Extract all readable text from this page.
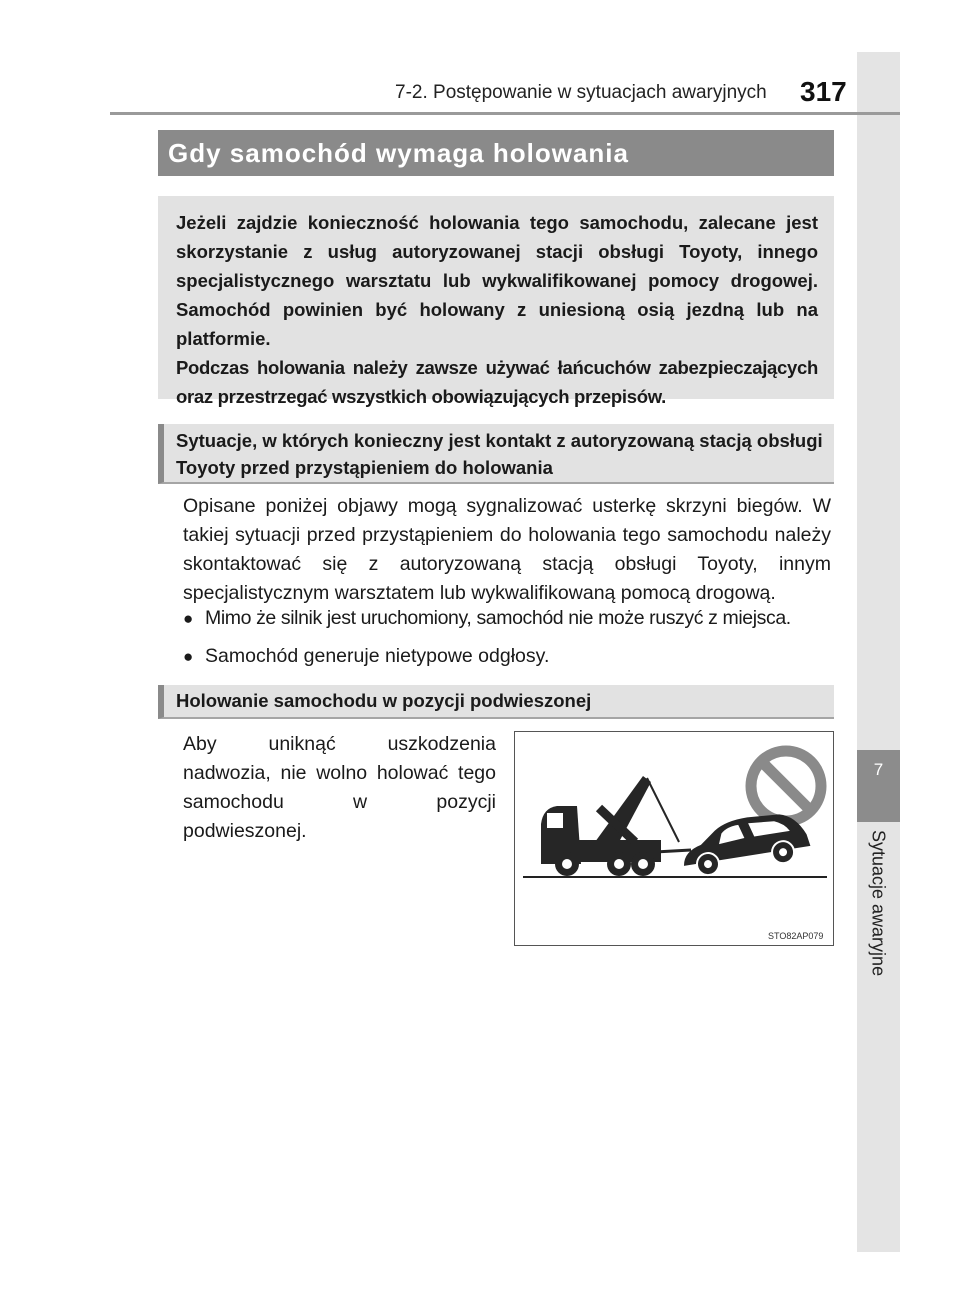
7
Sytuacje awaryjne
7-2. Postępowanie w sytuacjach awaryjnych 317
Gdy samochód wymaga holowania

Jeżeli zajdzie konieczność holowania tego samochodu, zalecane jest skorzystanie z usług autoryzowanej stacji obsługi Toyoty, innego specjalistycznego warsztatu lub wykwalifikowanej pomocy drogowej. Samochód powinien być holowany z uniesioną osią jezdną lub na platformie.

Podczas holowania należy zawsze używać łańcuchów zabezpieczających oraz przestrzegać wszystkich obowiązujących przepisów.

Sytuacje, w których konieczny jest kontakt z autoryzowaną stacją obsługi Toyoty przed przystąpieniem do holowania
Opisane poniżej objawy mogą sygnalizować usterkę skrzyni biegów. W takiej sytuacji przed przystąpieniem do holowania tego samochodu należy skontaktować się z autoryzowaną stacją obsługi Toyoty, innym specjalistycznym warsztatem lub wykwalifikowaną pomocą drogową.
● Mimo że silnik jest uruchomiony, samochód nie może ruszyć z miejsca.
● Samochód generuje nietypowe odgłosy.
Holowanie samochodu w pozycji podwieszonej
Aby uniknąć uszkodzenia nadwozia, nie wolno holować tego samochodu w pozycji podwieszonej.
STO82AP079
